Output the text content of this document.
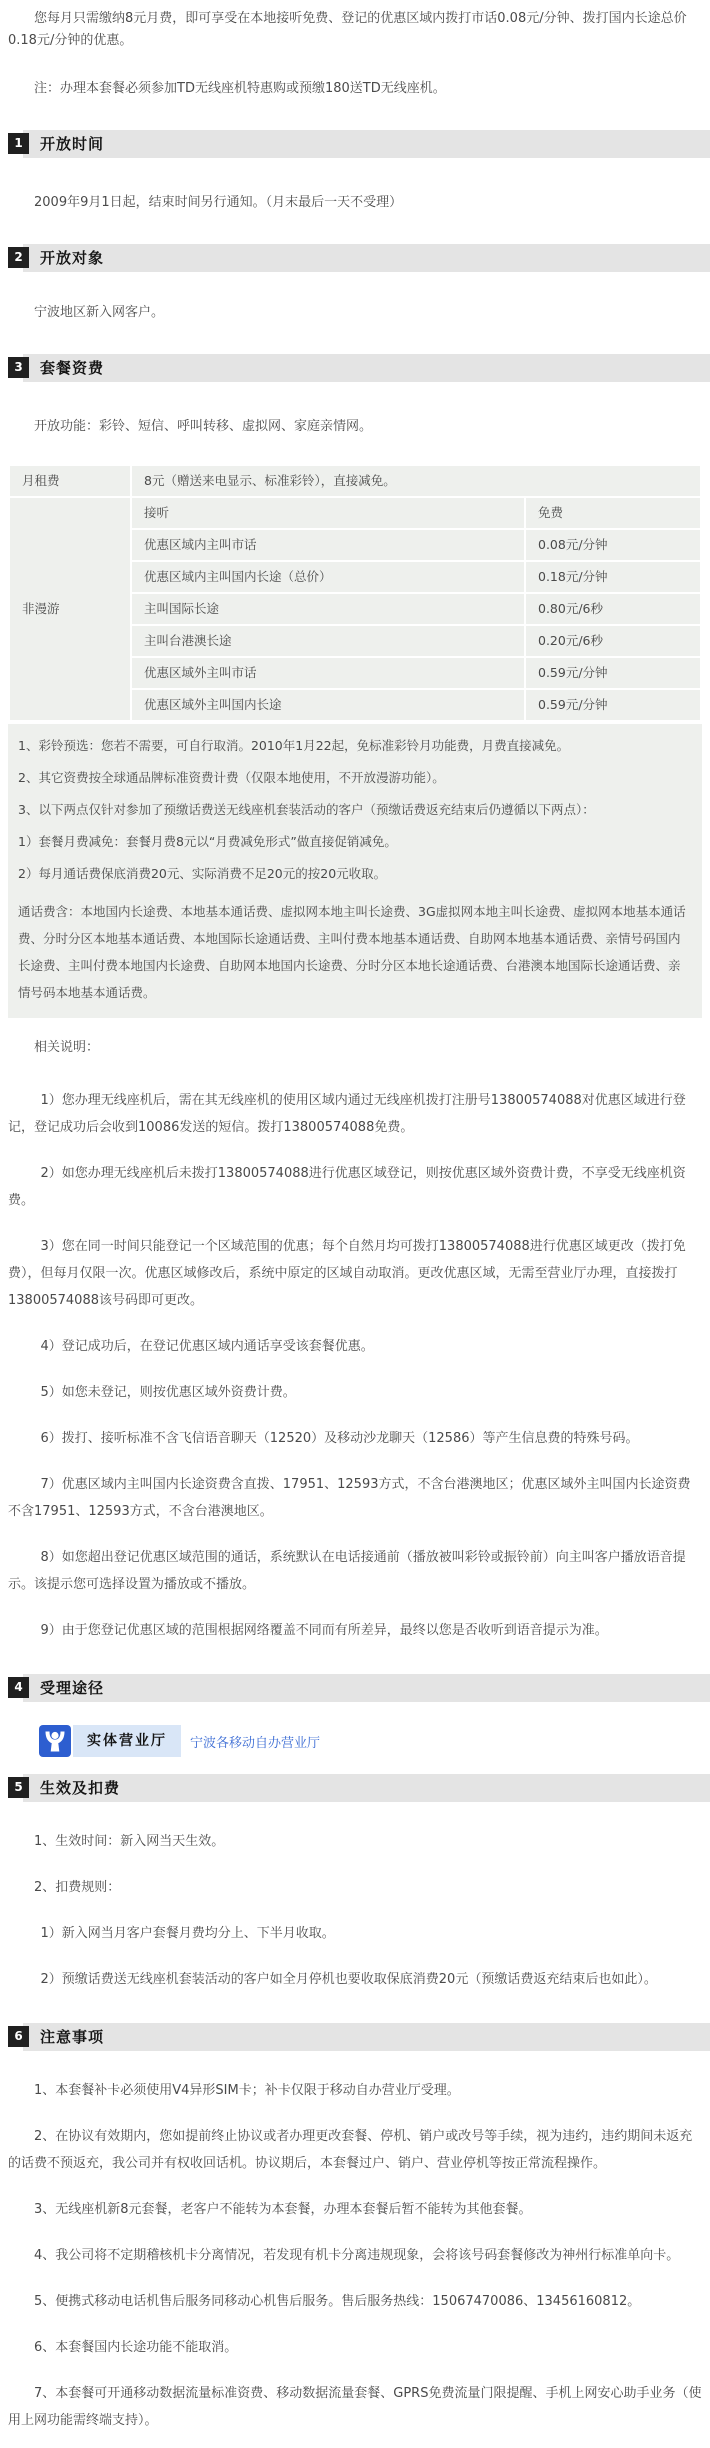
您每月只需缴纳8元月费，即可享受在本地接听免费、登记的优惠区域内拨打市话0.08元/分钟、拨打国内长途总价0.18元/分钟的优惠。

注：办理本套餐必须参加TD无线座机特惠购或预缴180送TD无线座机。

1	开放时间

2009年9月1日起，结束时间另行通知。（月末最后一天不受理）

2	开放对象

宁波地区新入网客户。

3	套餐资费

开放功能：彩铃、短信、呼叫转移、虚拟网、家庭亲情网。

月租费	8元（赠送来电显示、标准彩铃），直接减免。	
非漫游	接听	免费
	优惠区域内主叫市话	0.08元/分钟
	优惠区域内主叫国内长途（总价）	0.18元/分钟
	主叫国际长途	0.80元/6秒
	主叫台港澳长途	0.20元/6秒
	优惠区域外主叫市话	0.59元/分钟
	优惠区域外主叫国内长途	0.59元/分钟

1、彩铃预选：您若不需要，可自行取消。2010年1月22起，免标准彩铃月功能费，月费直接减免。

2、其它资费按全球通品牌标准资费计费（仅限本地使用，不开放漫游功能）。

3、以下两点仅针对参加了预缴话费送无线座机套装活动的客户（预缴话费返充结束后仍遵循以下两点）：

1）套餐月费减免：套餐月费8元以“月费减免形式”做直接促销减免。

2）每月通话费保底消费20元、实际消费不足20元的按20元收取。

通话费含：本地国内长途费、本地基本通话费、虚拟网本地主叫长途费、3G虚拟网本地主叫长途费、虚拟网本地基本通话费、分时分区本地基本通话费、本地国际长途通话费、主叫付费本地基本通话费、自助网本地基本通话费、亲情号码国内长途费、主叫付费本地国内长途费、自助网本地国内长途费、分时分区本地长途通话费、台港澳本地国际长途通话费、亲情号码本地基本通话费。

相关说明：

1）您办理无线座机后，需在其无线座机的使用区域内通过无线座机拨打注册号13800574088对优惠区域进行登记，登记成功后会收到10086发送的短信。拨打13800574088免费。

2）如您办理无线座机后未拨打13800574088进行优惠区域登记，则按优惠区域外资费计费，不享受无线座机资费。

3）您在同一时间只能登记一个区域范围的优惠；每个自然月均可拨打13800574088进行优惠区域更改（拨打免费），但每月仅限一次。优惠区域修改后，系统中原定的区域自动取消。更改优惠区域，无需至营业厅办理，直接拨打13800574088该号码即可更改。

4）登记成功后，在登记优惠区域内通话享受该套餐优惠。

5）如您未登记，则按优惠区域外资费计费。

6）拨打、接听标准不含飞信语音聊天（12520）及移动沙龙聊天（12586）等产生信息费的特殊号码。

7）优惠区域内主叫国内长途资费含直拨、17951、12593方式，不含台港澳地区；优惠区域外主叫国内长途资费不含17951、12593方式，不含台港澳地区。

8）如您超出登记优惠区域范围的通话，系统默认在电话接通前（播放被叫彩铃或振铃前）向主叫客户播放语音提示。该提示您可选择设置为播放或不播放。

9）由于您登记优惠区域的范围根据网络覆盖不同而有所差异，最终以您是否收听到语音提示为准。

4	受理途径
实体营业厅	宁波各移动自办营业厅
5	生效及扣费

1、生效时间：新入网当天生效。

2、扣费规则：

1）新入网当月客户套餐月费均分上、下半月收取。

2）预缴话费送无线座机套装活动的客户如全月停机也要收取保底消费20元（预缴话费返充结束后也如此）。

6	注意事项

1、本套餐补卡必须使用V4异形SIM卡；补卡仅限于移动自办营业厅受理。

2、在协议有效期内，您如提前终止协议或者办理更改套餐、停机、销户或改号等手续，视为违约，违约期间未返充的话费不预返充，我公司并有权收回话机。协议期后，本套餐过户、销户、营业停机等按正常流程操作。

3、无线座机新8元套餐，老客户不能转为本套餐，办理本套餐后暂不能转为其他套餐。

4、我公司将不定期稽核机卡分离情况，若发现有机卡分离违规现象，会将该号码套餐修改为神州行标准单向卡。

5、便携式移动电话机售后服务同移动心机售后服务。售后服务热线：15067470086、13456160812。

6、本套餐国内长途功能不能取消。

7、本套餐可开通移动数据流量标准资费、移动数据流量套餐、GPRS免费流量门限提醒、手机上网安心助手业务（使用上网功能需终端支持）。
